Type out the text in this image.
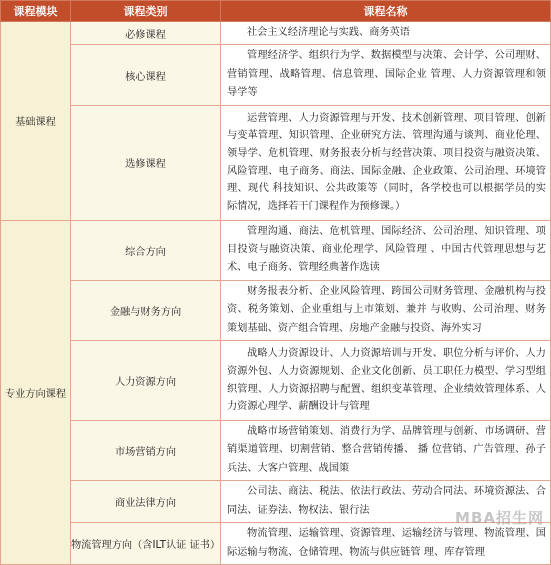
课程模块	课程类别	课程名称
基础课程	必修课程	社会主义经济理论与实践、商务英语
	核心课程	管理经济学、组织行为学、数据模型与决策、会计学、公司理财、营销管理、战略管理、信息管理、国际企业 管理、人力资源管理和领导学等
	选修课程	运营管理、人力资源管理与开发、技术创新管理、项目管理、创新与变革管理、知识管理、企业研究方法、管理沟通与谈判、商业伦理、领导学、危机管理、财务报表分析与经营决策、项目投资与融资决策、风险管理、电子商务、商法、国际金融、企业政策、公司治理、环境管理、现代 科技知识、公共政策等（同时，各学校也可以根据学员的实际情况，选择若干门课程作为预修课。）
专业方向课程	综合方向	管理沟通、商法、危机管理、国际经济、公司治理、知识管理、项目投资与融资决策、商业伦理学、风险管理 、中国古代管理思想与艺术、电子商务、管理经典著作选读
	金融与财务方向	财务报表分析、企业风险管理、跨国公司财务管理、金融机构与投资、税务策划、企业重组与上市策划、兼并 与收购、公司治理、财务策划基础、资产组合管理、房地产金融与投资、海外实习
	人力资源方向	战略人力资源设计、人力资源培训与开发、职位分析与评价、人力资源外包、人力资源规划、企业文化创新、员工职任力模型、学习型组织管理、人力资源招聘与配置、组织变革管理、企业绩效管理体系、人力资源心理学、薪酬设计与管理
	市场营销方向	战略市场营销策划、消费行为学、品牌管理与创新、市场调研、营销渠道管理、切割营销、整合营销传播、 播 位营销、广告管理、孙子兵法、大客户管理、战国策
	商业法律方向	公司法、商法、税法、依法行政法、劳动合同法、环境资源法、合同法、证券法、物权法、银行法
	物流管理方向（含ILT认证 证书）	物流管理、运输管理、资源管理、运输经济与管理、物流管理、国际运输与物流、仓储管理、物流与供应链管 理、库存管理
MBA招生网
